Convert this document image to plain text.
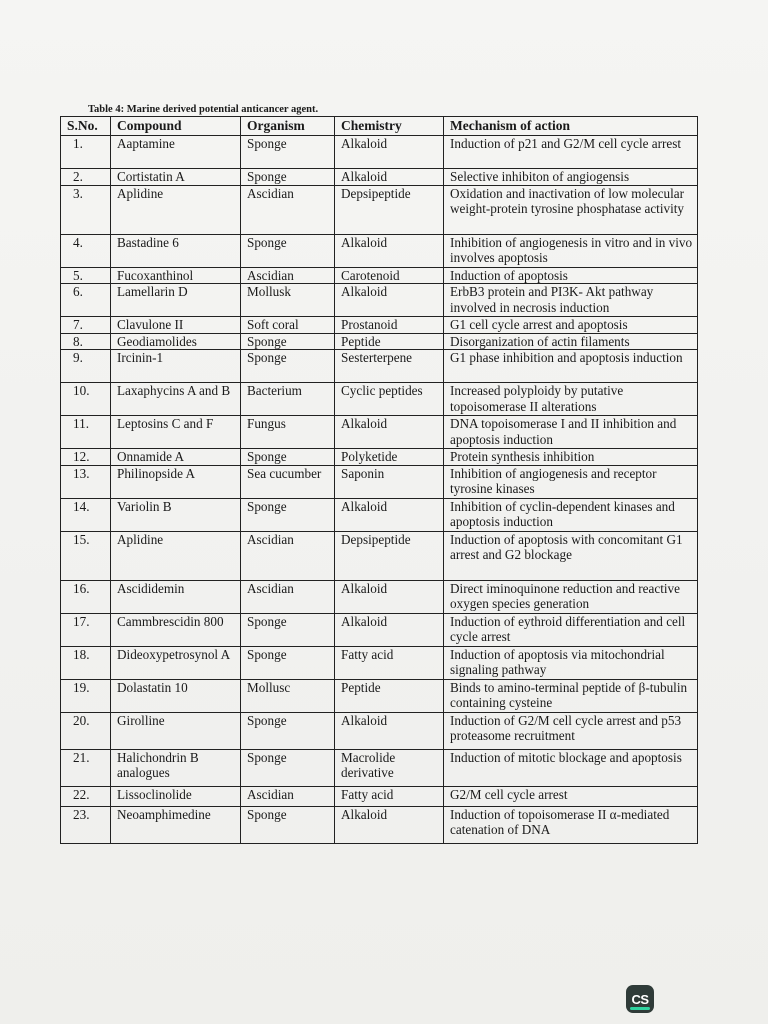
Table 4: Marine derived potential anticancer agent.
S.No.	Compound	Organism	Chemistry	Mechanism of action
1.	Aaptamine	Sponge	Alkaloid	Induction of p21 and G2/M cell cycle arrest
2.	Cortistatin A	Sponge	Alkaloid	Selective inhibiton of angiogensis
3.	Aplidine	Ascidian	Depsipeptide	Oxidation and inactivation of low molecular weight-protein tyrosine phosphatase activity
4.	Bastadine 6	Sponge	Alkaloid	Inhibition of angiogenesis in vitro and in vivo involves apoptosis
5.	Fucoxanthinol	Ascidian	Carotenoid	Induction of apoptosis
6.	Lamellarin D	Mollusk	Alkaloid	ErbB3 protein and PI3K- Akt pathway involved in necrosis induction
7.	Clavulone II	Soft coral	Prostanoid	G1 cell cycle arrest and apoptosis
8.	Geodiamolides	Sponge	Peptide	Disorganization of actin filaments
9.	Ircinin-1	Sponge	Sesterterpene	G1 phase inhibition and apoptosis induction
10.	Laxaphycins A and B	Bacterium	Cyclic peptides	Increased polyploidy by putative topoisomerase II alterations
11.	Leptosins C and F	Fungus	Alkaloid	DNA topoisomerase I and II inhibition and apoptosis induction
12.	Onnamide A	Sponge	Polyketide	Protein synthesis inhibition
13.	Philinopside A	Sea cucumber	Saponin	Inhibition of angiogenesis and receptor tyrosine kinases
14.	Variolin B	Sponge	Alkaloid	Inhibition of cyclin-dependent kinases and apoptosis induction
15.	Aplidine	Ascidian	Depsipeptide	Induction of apoptosis with concomitant G1 arrest and G2 blockage
16.	Ascididemin	Ascidian	Alkaloid	Direct iminoquinone reduction and reactive oxygen species generation
17.	Cammbrescidin 800	Sponge	Alkaloid	Induction of eythroid differentiation and cell cycle arrest
18.	Dideoxypetrosynol A	Sponge	Fatty acid	Induction of apoptosis via mitochondrial signaling pathway
19.	Dolastatin 10	Mollusc	Peptide	Binds to amino-terminal peptide of β-tubulin containing cysteine
20.	Girolline	Sponge	Alkaloid	Induction of G2/M cell cycle arrest and p53 proteasome recruitment
21.	Halichondrin B analogues	Sponge	Macrolide derivative	Induction of mitotic blockage and apoptosis
22.	Lissoclinolide	Ascidian	Fatty acid	G2/M cell cycle arrest
23.	Neoamphimedine	Sponge	Alkaloid	Induction of topoisomerase II α-mediated catenation of DNA
CS
